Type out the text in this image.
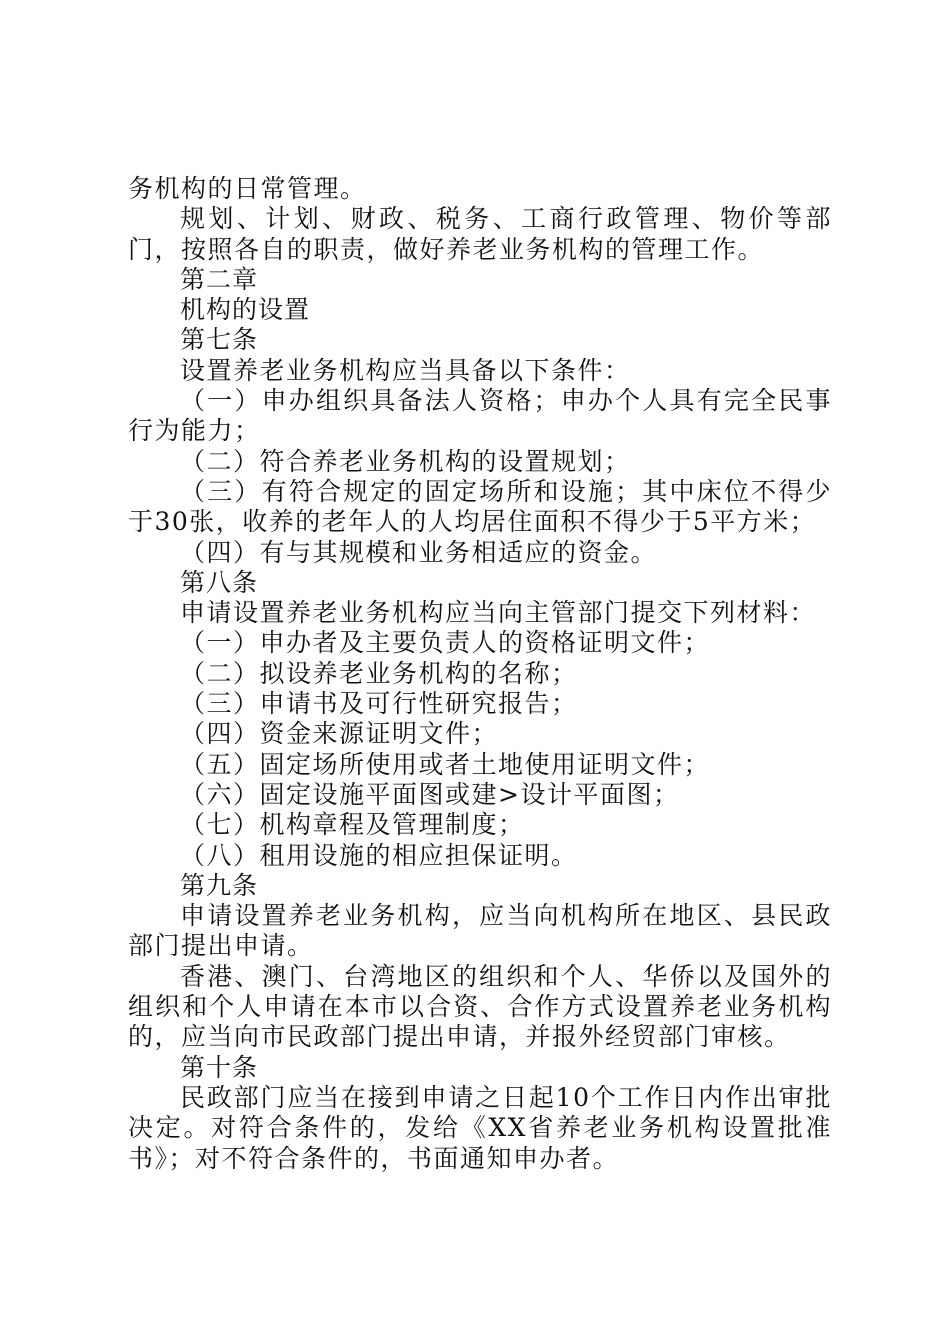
务机构的日常管理。

规划、计划、财政、税务、工商行政管理、物价等部门，按照各自的职责，做好养老业务机构的管理工作。

第二章

机构的设置

第七条

设置养老业务机构应当具备以下条件：

（一）申办组织具备法人资格；申办个人具有完全民事行为能力；

（二）符合养老业务机构的设置规划；

（三）有符合规定的固定场所和设施；其中床位不得少于30张，收养的老年人的人均居住面积不得少于5平方米；

（四）有与其规模和业务相适应的资金。

第八条

申请设置养老业务机构应当向主管部门提交下列材料：

（一）申办者及主要负责人的资格证明文件；

（二）拟设养老业务机构的名称；

（三）申请书及可行性研究报告；

（四）资金来源证明文件；

（五）固定场所使用或者土地使用证明文件；

（六）固定设施平面图或建>设计平面图；

（七）机构章程及管理制度；

（八）租用设施的相应担保证明。

第九条

申请设置养老业务机构，应当向机构所在地区、县民政部门提出申请。

香港、澳门、台湾地区的组织和个人、华侨以及国外的组织和个人申请在本市以合资、合作方式设置养老业务机构的，应当向市民政部门提出申请，并报外经贸部门审核。

第十条

民政部门应当在接到申请之日起10个工作日内作出审批决定。对符合条件的，发给《XX省养老业务机构设置批准书》；对不符合条件的，书面通知申办者。
